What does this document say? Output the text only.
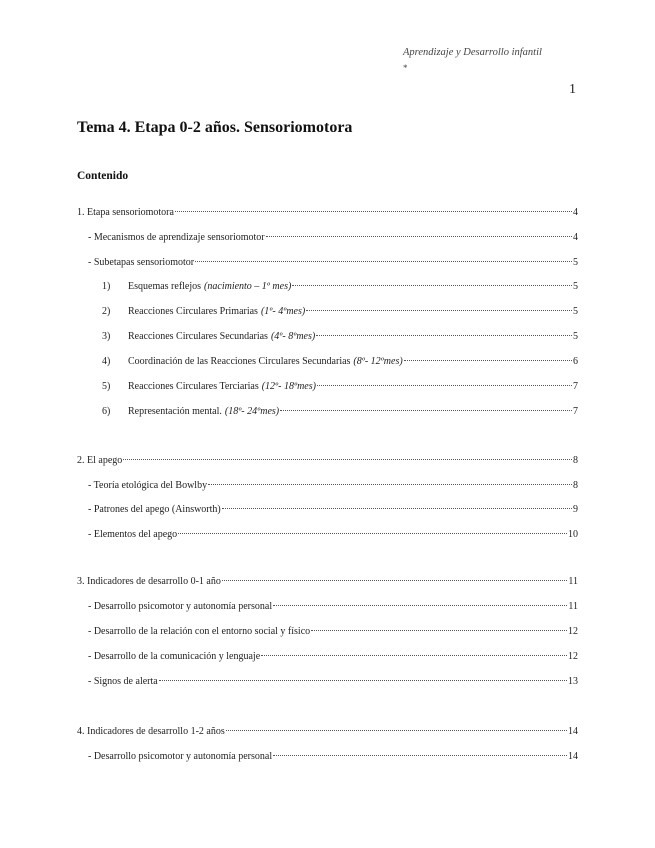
Aprendizaje y Desarrollo infantil
*
1
Tema 4. Etapa 0-2 años. Sensoriomotora
Contenido
1. Etapa sensoriomotora	4
- Mecanismos de aprendizaje sensoriomotor	4
- Subetapas sensoriomotor	5
1)	Esquemas reflejos (nacimiento – 1º mes)	5
2)	Reacciones Circulares Primarias (1º- 4ºmes)	5
3)	Reacciones Circulares Secundarias (4º- 8ºmes)	5
4)	Coordinación de las Reacciones Circulares Secundarias (8º- 12ºmes)	6
5)	Reacciones Circulares Terciarias (12º- 18ºmes)	7
6)	Representación mental. (18º- 24ºmes)	7
2. El apego	8
- Teoría etológica del Bowlby	8
- Patrones del apego (Ainsworth)	9
- Elementos del apego	10
3. Indicadores de desarrollo 0-1 año	11
- Desarrollo psicomotor y autonomía personal	11
- Desarrollo de la relación con el entorno social y físico	12
- Desarrollo de la comunicación y lenguaje	12
- Signos de alerta	13
4. Indicadores de desarrollo 1-2 años	14
- Desarrollo psicomotor y autonomía personal	14
